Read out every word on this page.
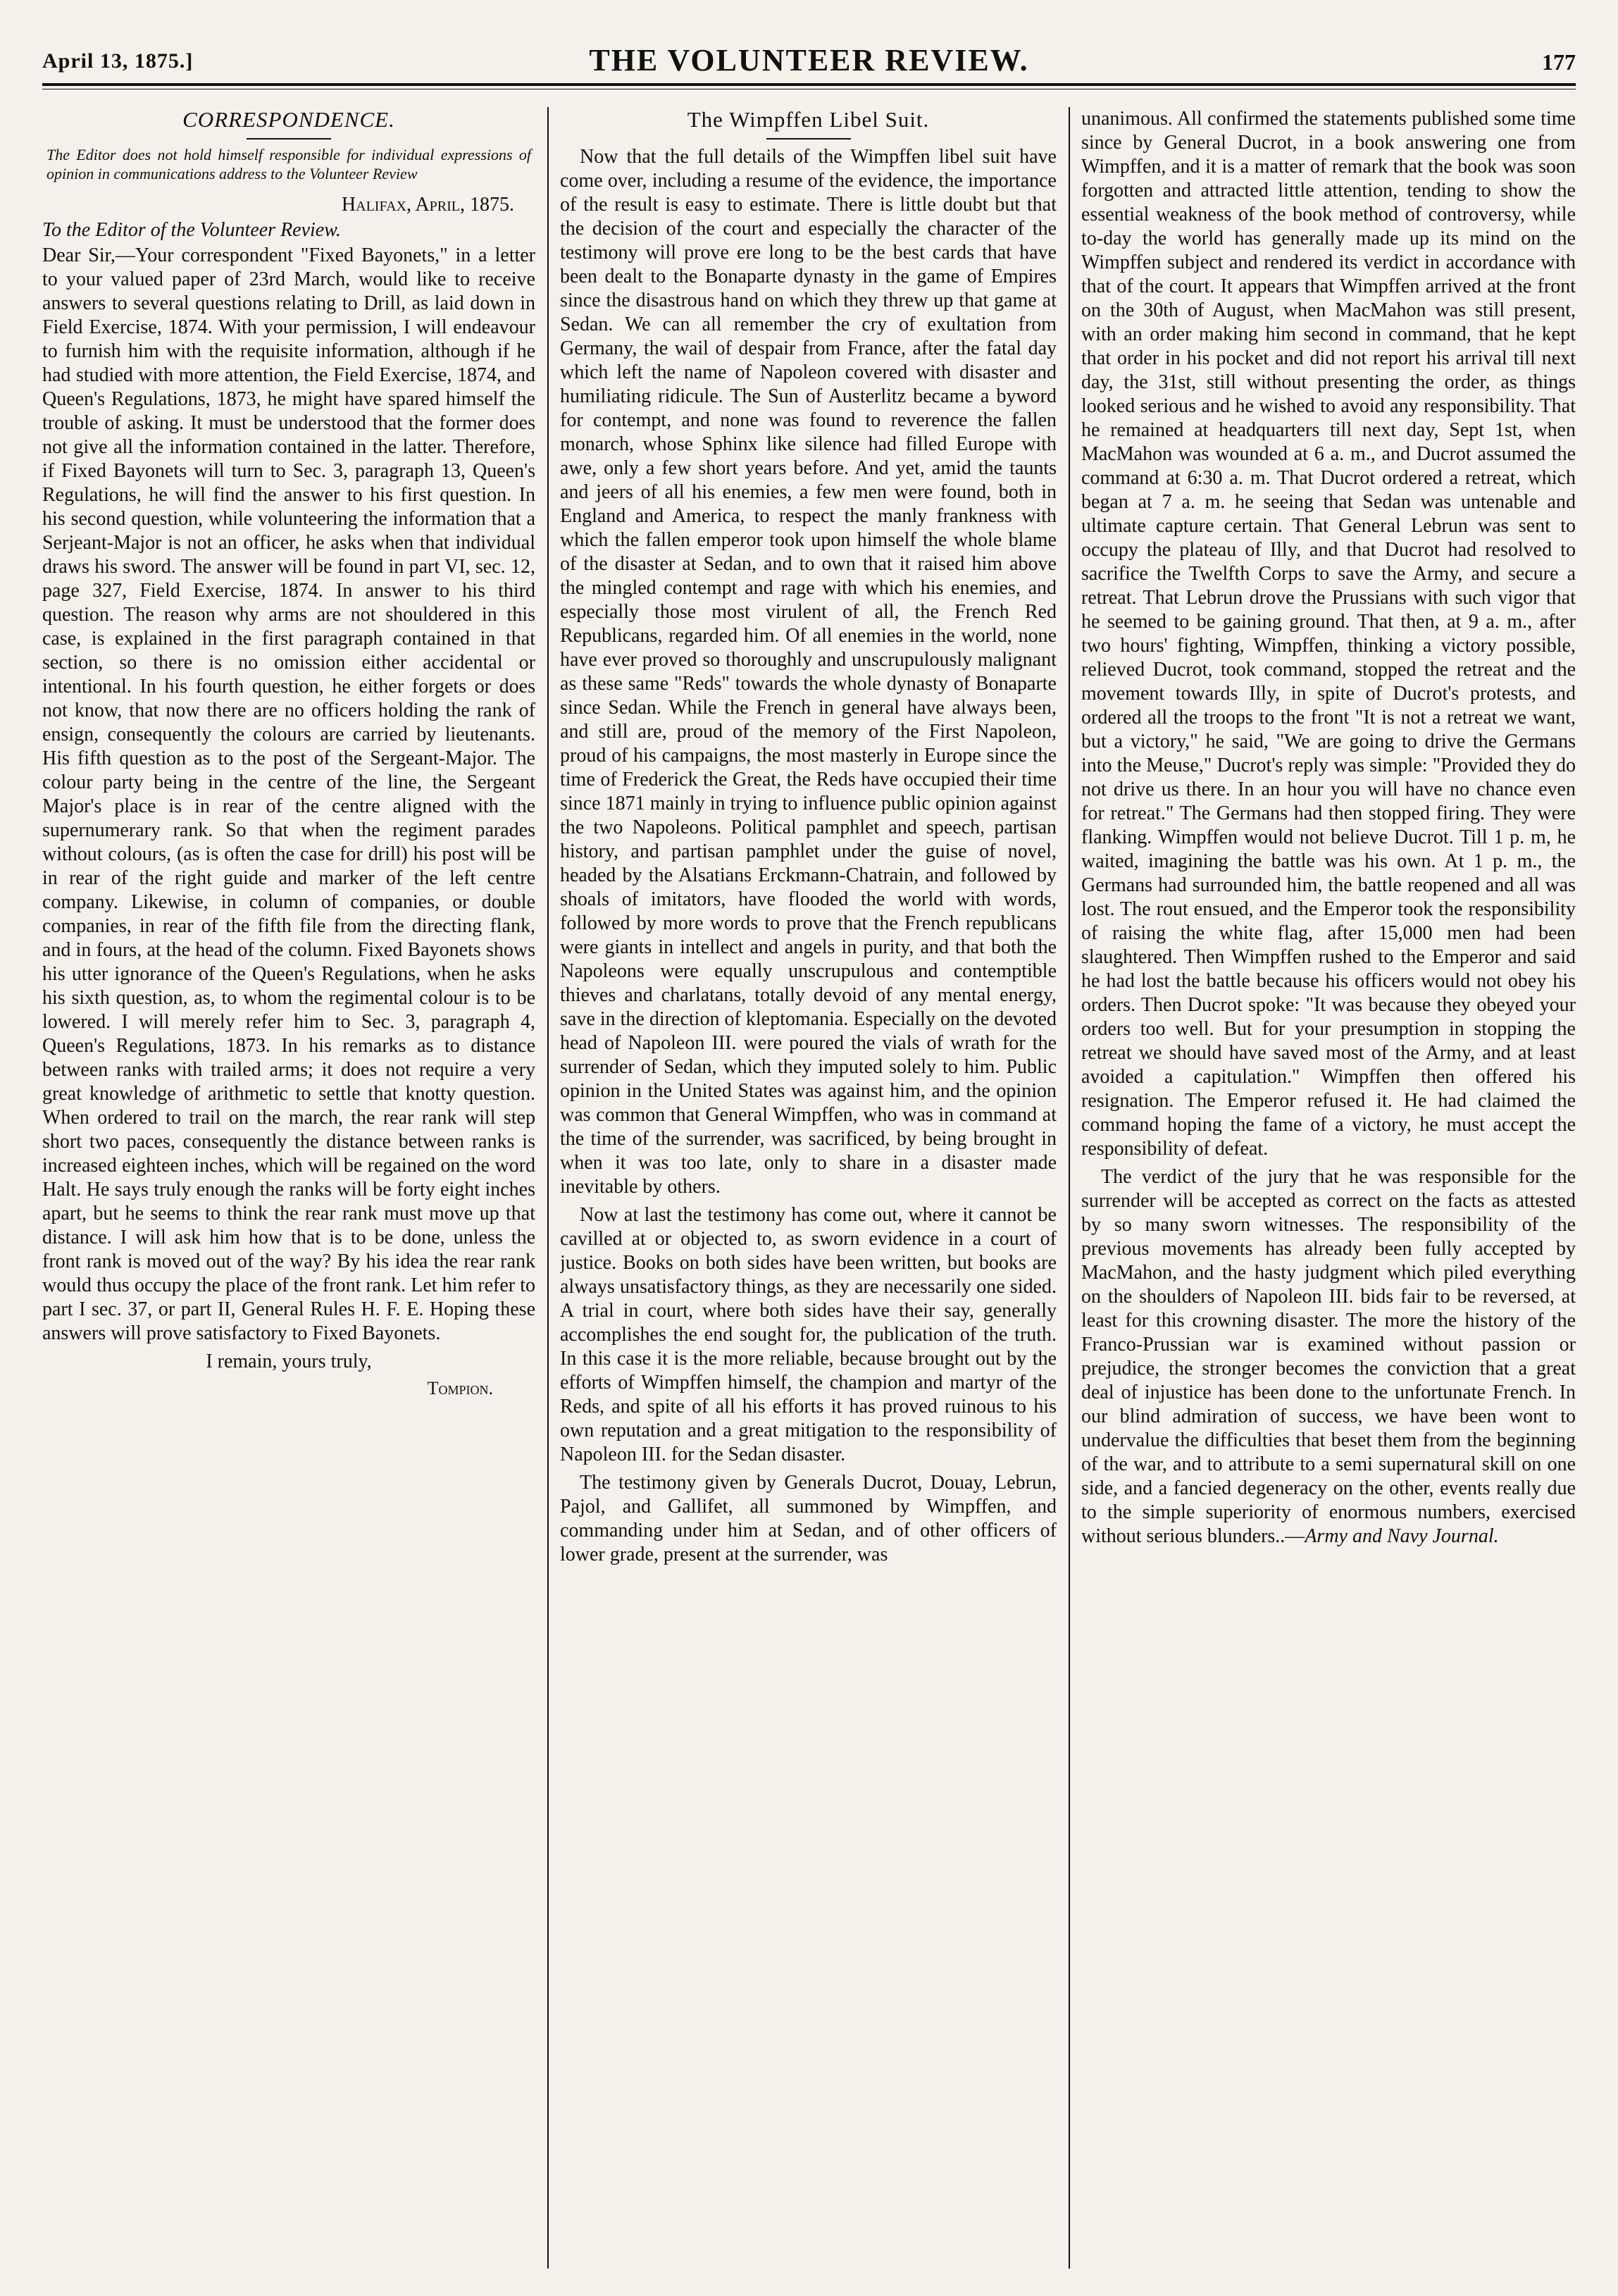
April 13, 1875.]	THE VOLUNTEER REVIEW.	177
CORRESPONDENCE.
The Editor does not hold himself responsible for individual expressions of opinion in communications address to the Volunteer Review
Halifax, April, 1875.
To the Editor of the Volunteer Review.

Dear Sir,—Your correspondent "Fixed Bayonets," in a letter to your valued paper of 23rd March, would like to receive answers to several questions relating to Drill, as laid down in Field Exercise, 1874. With your permission, I will endeavour to furnish him with the requisite information, although if he had studied with more attention, the Field Exercise, 1874, and Queen's Regulations, 1873, he might have spared himself the trouble of asking. It must be understood that the former does not give all the information contained in the latter. Therefore, if Fixed Bayonets will turn to Sec. 3, paragraph 13, Queen's Regulations, he will find the answer to his first question. In his second question, while volunteering the information that a Serjeant-Major is not an officer, he asks when that individual draws his sword. The answer will be found in part VI, sec. 12, page 327, Field Exercise, 1874. In answer to his third question. The reason why arms are not shouldered in this case, is explained in the first paragraph contained in that section, so there is no omission either accidental or intentional. In his fourth question, he either forgets or does not know, that now there are no officers holding the rank of ensign, consequently the colours are carried by lieutenants. His fifth question as to the post of the Sergeant-Major. The colour party being in the centre of the line, the Sergeant Major's place is in rear of the centre aligned with the supernumerary rank. So that when the regiment parades without colours, (as is often the case for drill) his post will be in rear of the right guide and marker of the left centre company. Likewise, in column of companies, or double companies, in rear of the fifth file from the directing flank, and in fours, at the head of the column. Fixed Bayonets shows his utter ignorance of the Queen's Regulations, when he asks his sixth question, as, to whom the regimental colour is to be lowered. I will merely refer him to Sec. 3, paragraph 4, Queen's Regulations, 1873. In his remarks as to distance between ranks with trailed arms; it does not require a very great knowledge of arithmetic to settle that knotty question. When ordered to trail on the march, the rear rank will step short two paces, consequently the distance between ranks is increased eighteen inches, which will be regained on the word Halt. He says truly enough the ranks will be forty eight inches apart, but he seems to think the rear rank must move up that distance. I will ask him how that is to be done, unless the front rank is moved out of the way? By his idea the rear rank would thus occupy the place of the front rank. Let him refer to part I sec. 37, or part II, General Rules H. F. E. Hoping these answers will prove satisfactory to Fixed Bayonets.

I remain, yours truly,
Tompion.
The Wimpffen Libel Suit.

Now that the full details of the Wimpffen libel suit have come over, including a resume of the evidence, the importance of the result is easy to estimate. There is little doubt but that the decision of the court and especially the character of the testimony will prove ere long to be the best cards that have been dealt to the Bonaparte dynasty in the game of Empires since the disastrous hand on which they threw up that game at Sedan. We can all remember the cry of exultation from Germany, the wail of despair from France, after the fatal day which left the name of Napoleon covered with disaster and humiliating ridicule. The Sun of Austerlitz became a byword for contempt, and none was found to reverence the fallen monarch, whose Sphinx like silence had filled Europe with awe, only a few short years before. And yet, amid the taunts and jeers of all his enemies, a few men were found, both in England and America, to respect the manly frankness with which the fallen emperor took upon himself the whole blame of the disaster at Sedan, and to own that it raised him above the mingled contempt and rage with which his enemies, and especially those most virulent of all, the French Red Republicans, regarded him. Of all enemies in the world, none have ever proved so thoroughly and unscrupulously malignant as these same "Reds" towards the whole dynasty of Bonaparte since Sedan. While the French in general have always been, and still are, proud of the memory of the First Napoleon, proud of his campaigns, the most masterly in Europe since the time of Frederick the Great, the Reds have occupied their time since 1871 mainly in trying to influence public opinion against the two Napoleons. Political pamphlet and speech, partisan history, and partisan pamphlet under the guise of novel, headed by the Alsatians Erckmann-Chatrain, and followed by shoals of imitators, have flooded the world with words, followed by more words to prove that the French republicans were giants in intellect and angels in purity, and that both the Napoleons were equally unscrupulous and contemptible thieves and charlatans, totally devoid of any mental energy, save in the direction of kleptomania. Especially on the devoted head of Napoleon III. were poured the vials of wrath for the surrender of Sedan, which they imputed solely to him. Public opinion in the United States was against him, and the opinion was common that General Wimpffen, who was in command at the time of the surrender, was sacrificed, by being brought in when it was too late, only to share in a disaster made inevitable by others.

Now at last the testimony has come out, where it cannot be cavilled at or objected to, as sworn evidence in a court of justice. Books on both sides have been written, but books are always unsatisfactory things, as they are necessarily one sided. A trial in court, where both sides have their say, generally accomplishes the end sought for, the publication of the truth. In this case it is the more reliable, because brought out by the efforts of Wimpffen himself, the champion and martyr of the Reds, and spite of all his efforts it has proved ruinous to his own reputation and a great mitigation to the responsibility of Napoleon III. for the Sedan disaster.

The testimony given by Generals Ducrot, Douay, Lebrun, Pajol, and Gallifet, all summoned by Wimpffen, and commanding under him at Sedan, and of other officers of lower grade, present at the surrender, was

unanimous. All confirmed the statements published some time since by General Ducrot, in a book answering one from Wimpffen, and it is a matter of remark that the book was soon forgotten and attracted little attention, tending to show the essential weakness of the book method of controversy, while to-day the world has generally made up its mind on the Wimpffen subject and rendered its verdict in accordance with that of the court. It appears that Wimpffen arrived at the front on the 30th of August, when MacMahon was still present, with an order making him second in command, that he kept that order in his pocket and did not report his arrival till next day, the 31st, still without presenting the order, as things looked serious and he wished to avoid any responsibility. That he remained at headquarters till next day, Sept 1st, when MacMahon was wounded at 6 a. m., and Ducrot assumed the command at 6:30 a. m. That Ducrot ordered a retreat, which began at 7 a. m. he seeing that Sedan was untenable and ultimate capture certain. That General Lebrun was sent to occupy the plateau of Illy, and that Ducrot had resolved to sacrifice the Twelfth Corps to save the Army, and secure a retreat. That Lebrun drove the Prussians with such vigor that he seemed to be gaining ground. That then, at 9 a. m., after two hours' fighting, Wimpffen, thinking a victory possible, relieved Ducrot, took command, stopped the retreat and the movement towards Illy, in spite of Ducrot's protests, and ordered all the troops to the front "It is not a retreat we want, but a victory," he said, "We are going to drive the Germans into the Meuse," Ducrot's reply was simple: "Provided they do not drive us there. In an hour you will have no chance even for retreat." The Germans had then stopped firing. They were flanking. Wimpffen would not believe Ducrot. Till 1 p. m, he waited, imagining the battle was his own. At 1 p. m., the Germans had surrounded him, the battle reopened and all was lost. The rout ensued, and the Emperor took the responsibility of raising the white flag, after 15,000 men had been slaughtered. Then Wimpffen rushed to the Emperor and said he had lost the battle because his officers would not obey his orders. Then Ducrot spoke: "It was because they obeyed your orders too well. But for your presumption in stopping the retreat we should have saved most of the Army, and at least avoided a capitulation." Wimpffen then offered his resignation. The Emperor refused it. He had claimed the command hoping the fame of a victory, he must accept the responsibility of defeat.

The verdict of the jury that he was responsible for the surrender will be accepted as correct on the facts as attested by so many sworn witnesses. The responsibility of the previous movements has already been fully accepted by MacMahon, and the hasty judgment which piled everything on the shoulders of Napoleon III. bids fair to be reversed, at least for this crowning disaster. The more the history of the Franco-Prussian war is examined without passion or prejudice, the stronger becomes the conviction that a great deal of injustice has been done to the unfortunate French. In our blind admiration of success, we have been wont to undervalue the difficulties that beset them from the beginning of the war, and to attribute to a semi supernatural skill on one side, and a fancied degeneracy on the other, events really due to the simple superiority of enormous numbers, exercised without serious blunders..—Army and Navy Journal.
